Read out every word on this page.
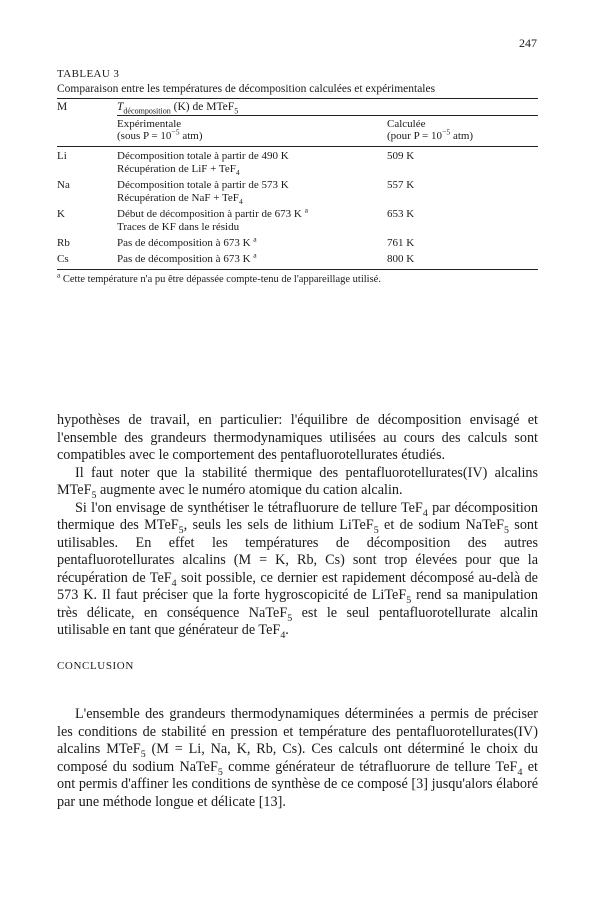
247
TABLEAU 3
Comparaison entre les températures de décomposition calculées et expérimentales
M	$T_{décomposition}$ (K) de MTeF$_5$
Expérimentale
(sous $P = 10^{-5}$ atm)
Calculée
(pour $P = 10^{-5}$ atm)
Li	Décomposition totale à partir de 490 K
Récupération de LiF + TeF$_4$	509 K
Na	Décomposition totale à partir de 573 K
Récupération de NaF + TeF$_4$	557 K
K	Début de décomposition à partir de 673 K $^a$
Traces de KF dans le résidu	653 K
Rb	Pas de décomposition à 673 K $^a$	761 K
Cs	Pas de décomposition à 673 K $^a$	800 K
$^a$ Cette température n'a pu être dépassée compte-tenu de l'appareillage utilisé.

hypothèses de travail, en particulier: l'équilibre de décomposition envisagé et l'ensemble des grandeurs thermodynamiques utilisées au cours des calculs sont compatibles avec le comportement des pentafluorotellurates étudiés.

Il faut noter que la stabilité thermique des pentafluorotellurates(IV) alcalins MTeF$_5$ augmente avec le numéro atomique du cation alcalin.

Si l'on envisage de synthétiser le tétrafluorure de tellure TeF$_4$ par décomposition thermique des MTeF$_5$, seuls les sels de lithium LiTeF$_5$ et de sodium NaTeF$_5$ sont utilisables. En effet les températures de décomposition des autres pentafluorotellurates alcalins (M = K, Rb, Cs) sont trop élevées pour que la récupération de TeF$_4$ soit possible, ce dernier est rapidement décomposé au-delà de 573 K. Il faut préciser que la forte hygroscopicité de LiTeF$_5$ rend sa manipulation très délicate, en conséquence NaTeF$_5$ est le seul pentafluorotellurate alcalin utilisable en tant que générateur de TeF$_4$.

CONCLUSION

L'ensemble des grandeurs thermodynamiques déterminées a permis de préciser les conditions de stabilité en pression et température des pentafluorotellurates(IV) alcalins MTeF$_5$ (M = Li, Na, K, Rb, Cs). Ces calculs ont déterminé le choix du composé du sodium NaTeF$_5$ comme générateur de tétrafluorure de tellure TeF$_4$ et ont permis d'affiner les conditions de synthèse de ce composé [3] jusqu'alors élaboré par une méthode longue et délicate [13].
